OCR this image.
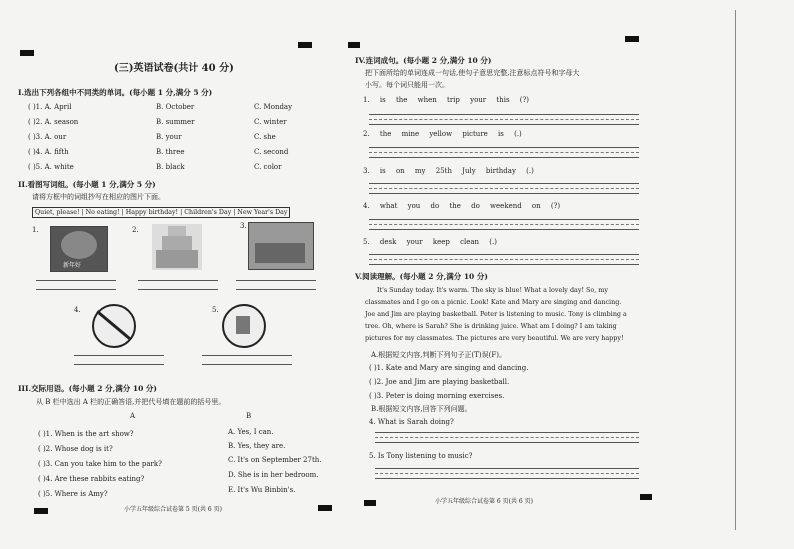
(三)英语试卷(共计 40 分)
I.选出下列各组中不同类的单词。(每小题 1 分,满分 5 分)
( )1. A. April	B. October	C. Monday
( )2. A. season	B. summer	C. winter
( )3. A. our	B. your	C. she
( )4. A. fifth	B. three	C. second
( )5. A. white	B. black	C. color
II.看图写词组。(每小题 1 分,满分 5 分)
请将方框中的词组抄写在相应的图片下面。
Quiet, please! | No eating! | Happy birthday! | Children's Day | New Year's Day
1.
新年好
2.	3.
4.	5.
III.交际用语。(每小题 2 分,满分 10 分)
从 B 栏中选出 A 栏的正确答语,并把代号填在题前的括号里。
A	B
( )1. When is the art show?	A. Yes, I can.
( )2. Whose dog is it?	B. Yes, they are.
( )3. Can you take him to the park?	C. It's on September 27th.
( )4. Are these rabbits eating?	D. She is in her bedroom.
( )5. Where is Amy?	E. It's Wu Binbin's.
小学五年级综合试卷第 5 页(共 6 页)
IV.连词成句。(每小题 2 分,满分 10 分)
把下面所给的单词连成一句话,使句子意思完整,注意标点符号和字母大
小写。每个词只能用一次。
1. is the when trip your this (?)
2. the mine yellow picture is (.)
3. is on my 25th July birthday (.)
4. what you do the do weekend on (?)
5. desk your keep clean (.)
V.阅读理解。(每小题 2 分,满分 10 分)
It's Sunday today. It's warm. The sky is blue! What a lovely day! So, my
classmates and I go on a picnic. Look! Kate and Mary are singing and dancing.
Joe and Jim are playing basketball. Peter is listening to music. Tony is climbing a
tree. Oh, where is Sarah? She is drinking juice. What am I doing? I am taking
pictures for my classmates. The pictures are very beautiful. We are very happy!
A.根据短文内容,判断下列句子正(T)误(F)。
( )1. Kate and Mary are singing and dancing.
( )2. Joe and Jim are playing basketball.
( )3. Peter is doing morning exercises.
B.根据短文内容,回答下列问题。
4. What is Sarah doing?
5. Is Tony listening to music?
小学五年级综合试卷第 6 页(共 6 页)
